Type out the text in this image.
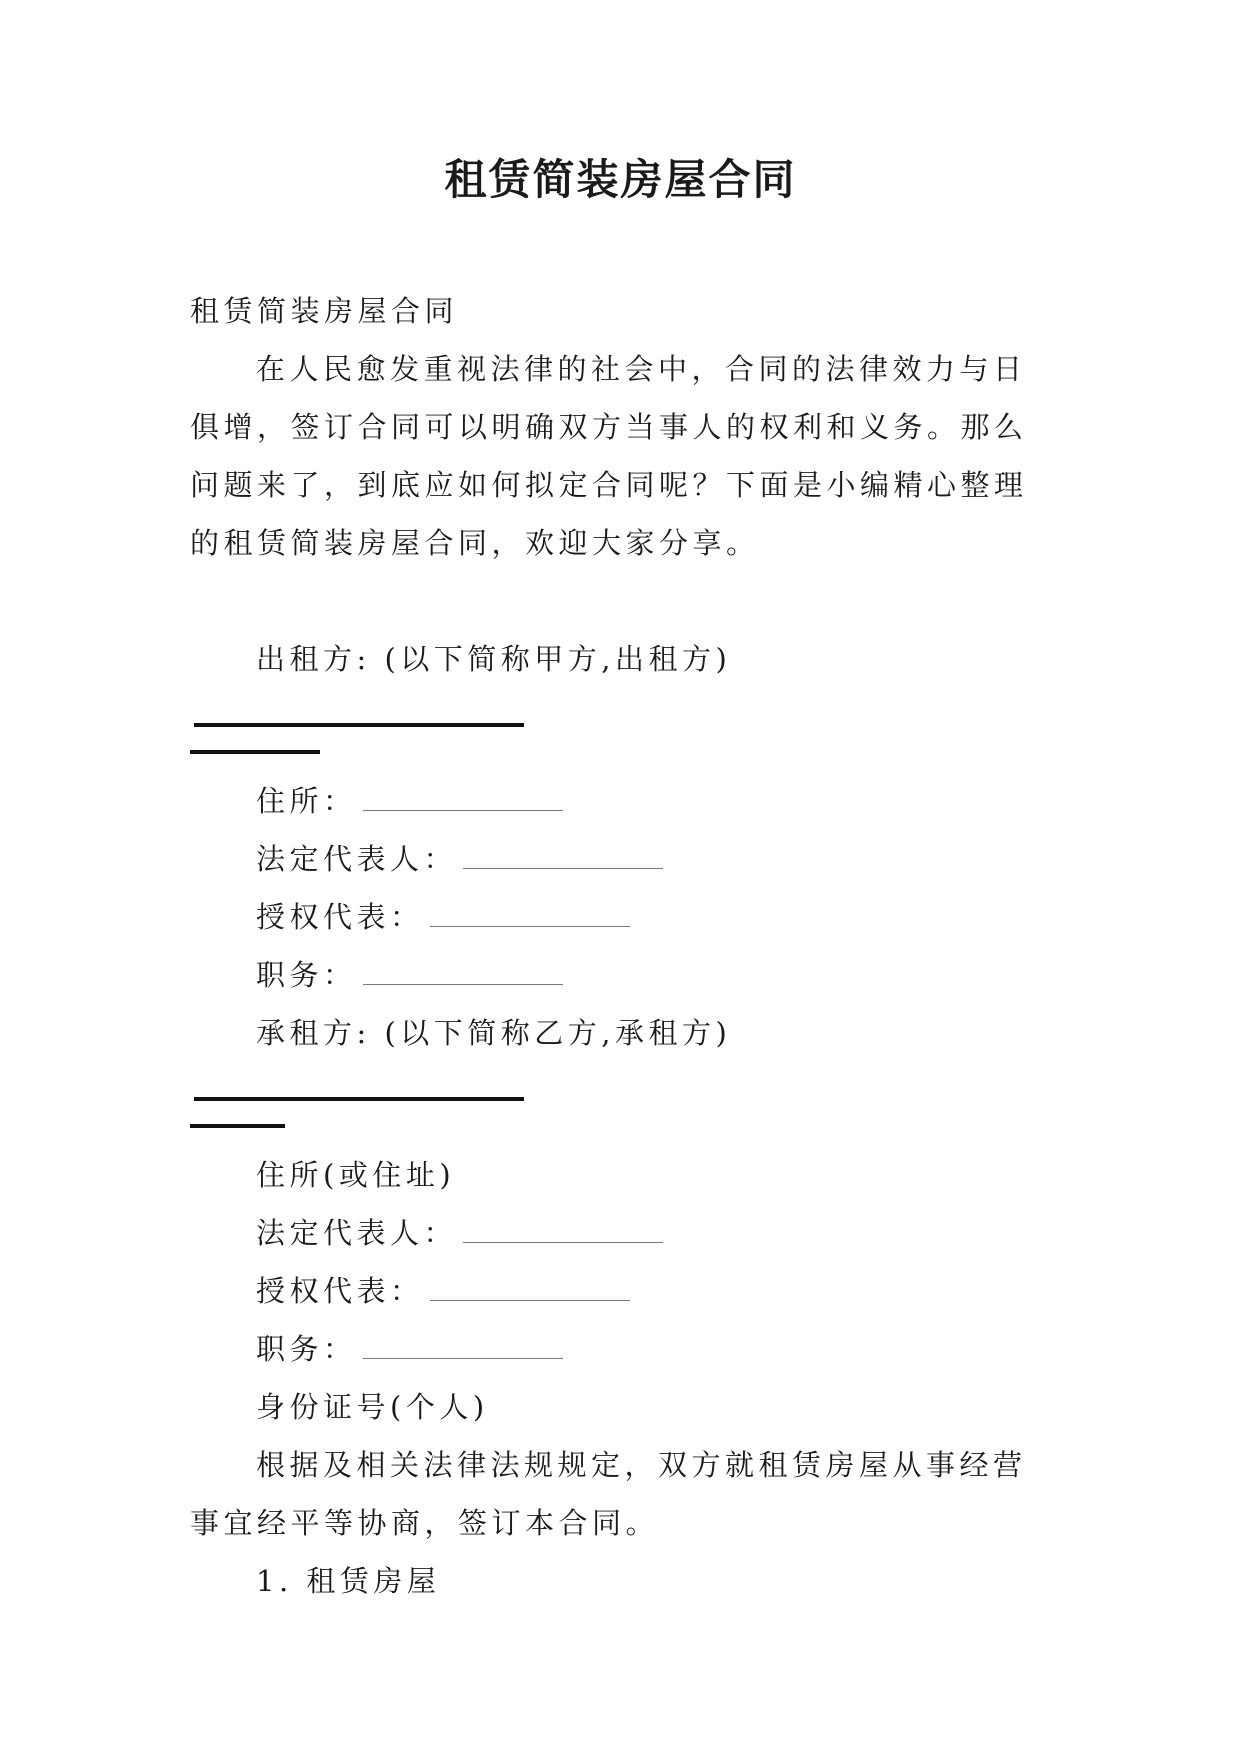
租赁简装房屋合同

租赁简装房屋合同

在人民愈发重视法律的社会中，合同的法律效力与日俱增，签订合同可以明确双方当事人的权利和义务。那么问题来了，到底应如何拟定合同呢？下面是小编精心整理的租赁简装房屋合同，欢迎大家分享。

出租方: (以下简称甲方,出租方)

住所：

法定代表人：

授权代表：

职务：

承租方: (以下简称乙方,承租方)

住所(或住址)

法定代表人：

授权代表：

职务：

身份证号(个人)

根据及相关法律法规规定，双方就租赁房屋从事经营事宜经平等协商，签订本合同。

1. 租赁房屋
